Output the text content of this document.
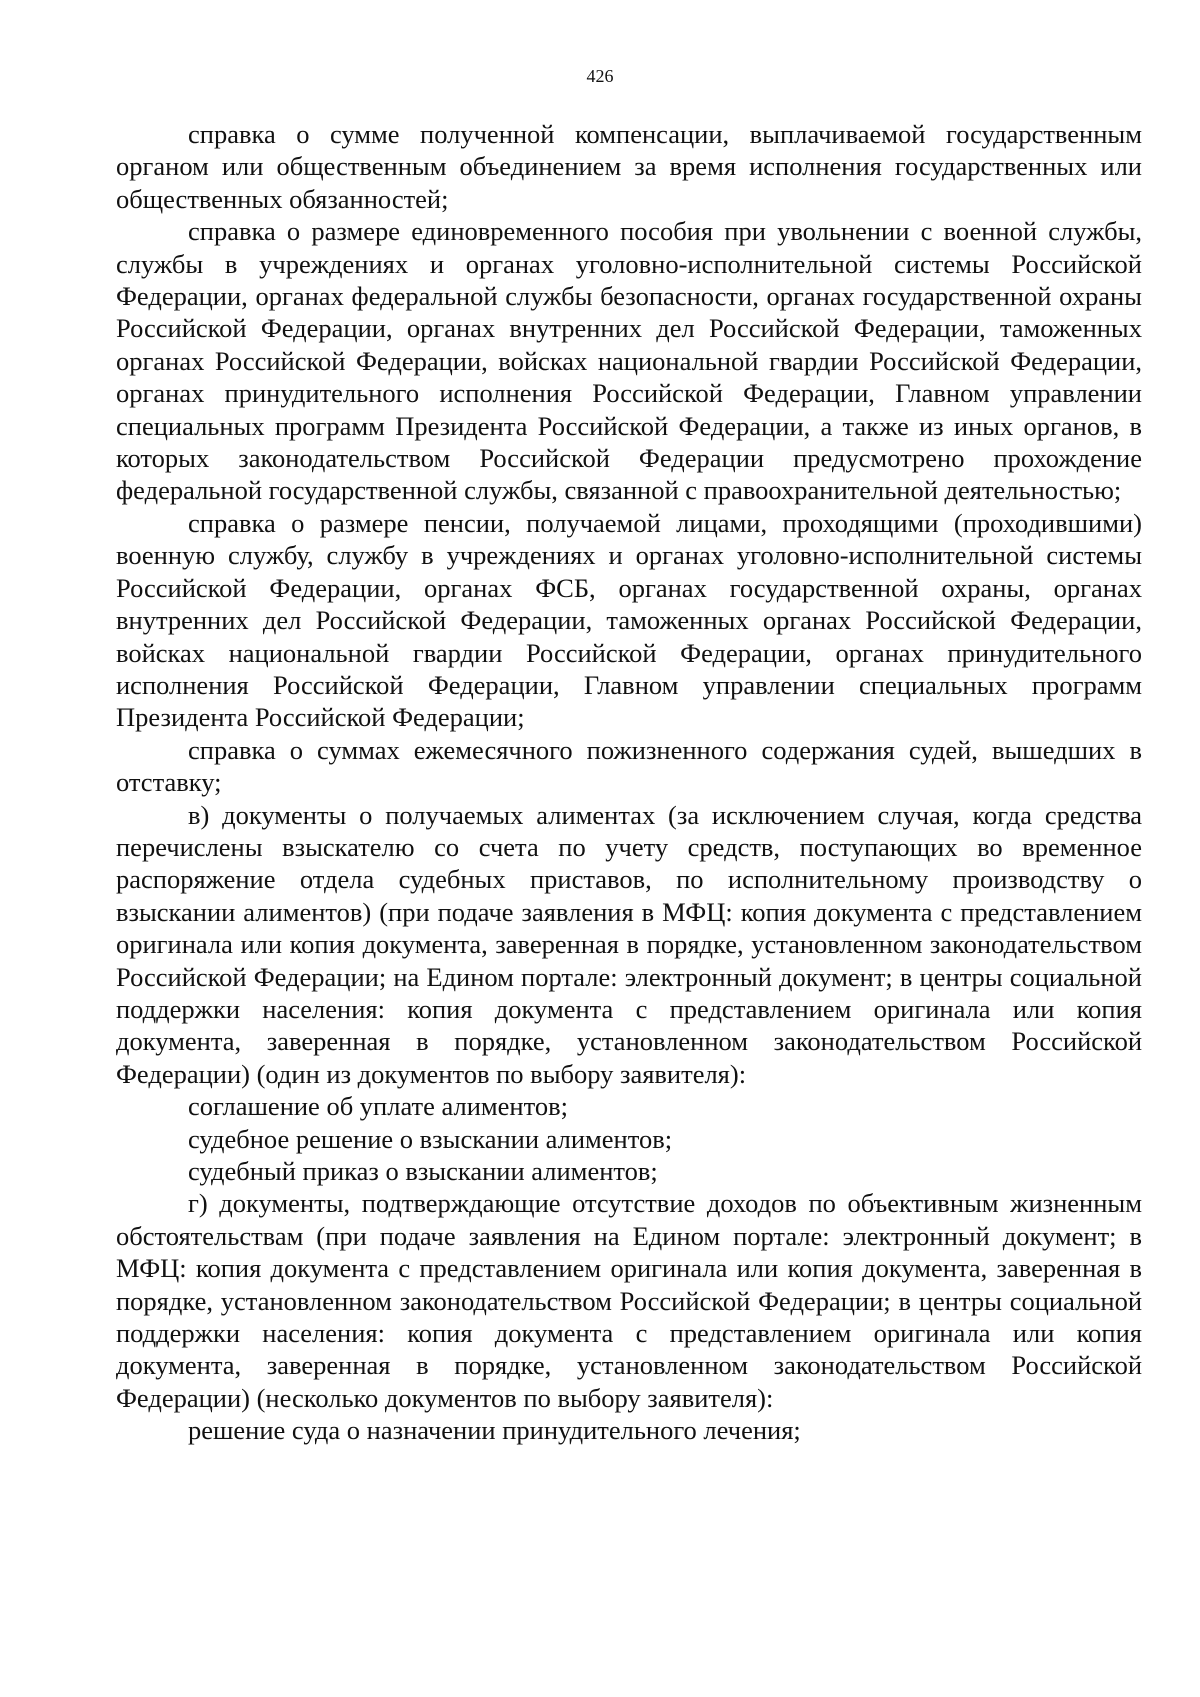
426

справка о сумме полученной компенсации, выплачиваемой государственным органом или общественным объединением за время исполнения государственных или общественных обязанностей;

справка о размере единовременного пособия при увольнении с военной службы, службы в учреждениях и органах уголовно-исполнительной системы Российской Федерации, органах федеральной службы безопасности, органах государственной охраны Российской Федерации, органах внутренних дел Российской Федерации, таможенных органах Российской Федерации, войсках национальной гвардии Российской Федерации, органах принудительного исполнения Российской Федерации, Главном управлении специальных программ Президента Российской Федерации, а также из иных органов, в которых законодательством Российской Федерации предусмотрено прохождение федеральной государственной службы, связанной с правоохранительной деятельностью;

справка о размере пенсии, получаемой лицами, проходящими (проходившими) военную службу, службу в учреждениях и органах уголовно-исполнительной системы Российской Федерации, органах ФСБ, органах государственной охраны, органах внутренних дел Российской Федерации, таможенных органах Российской Федерации, войсках национальной гвардии Российской Федерации, органах принудительного исполнения Российской Федерации, Главном управлении специальных программ Президента Российской Федерации;

справка о суммах ежемесячного пожизненного содержания судей, вышедших в отставку;

в) документы о получаемых алиментах (за исключением случая, когда средства перечислены взыскателю со счета по учету средств, поступающих во временное распоряжение отдела судебных приставов, по исполнительному производству о взыскании алиментов) (при подаче заявления в МФЦ: копия документа с представлением оригинала или копия документа, заверенная в порядке, установленном законодательством Российской Федерации; на Едином портале: электронный документ; в центры социальной поддержки населения: копия документа с представлением оригинала или копия документа, заверенная в порядке, установленном законодательством Российской Федерации) (один из документов по выбору заявителя):

соглашение об уплате алиментов;

судебное решение о взыскании алиментов;

судебный приказ о взыскании алиментов;

г) документы, подтверждающие отсутствие доходов по объективным жизненным обстоятельствам (при подаче заявления на Едином портале: электронный документ; в МФЦ: копия документа с представлением оригинала или копия документа, заверенная в порядке, установленном законодательством Российской Федерации; в центры социальной поддержки населения: копия документа с представлением оригинала или копия документа, заверенная в порядке, установленном законодательством Российской Федерации) (несколько документов по выбору заявителя):

решение суда о назначении принудительного лечения;
